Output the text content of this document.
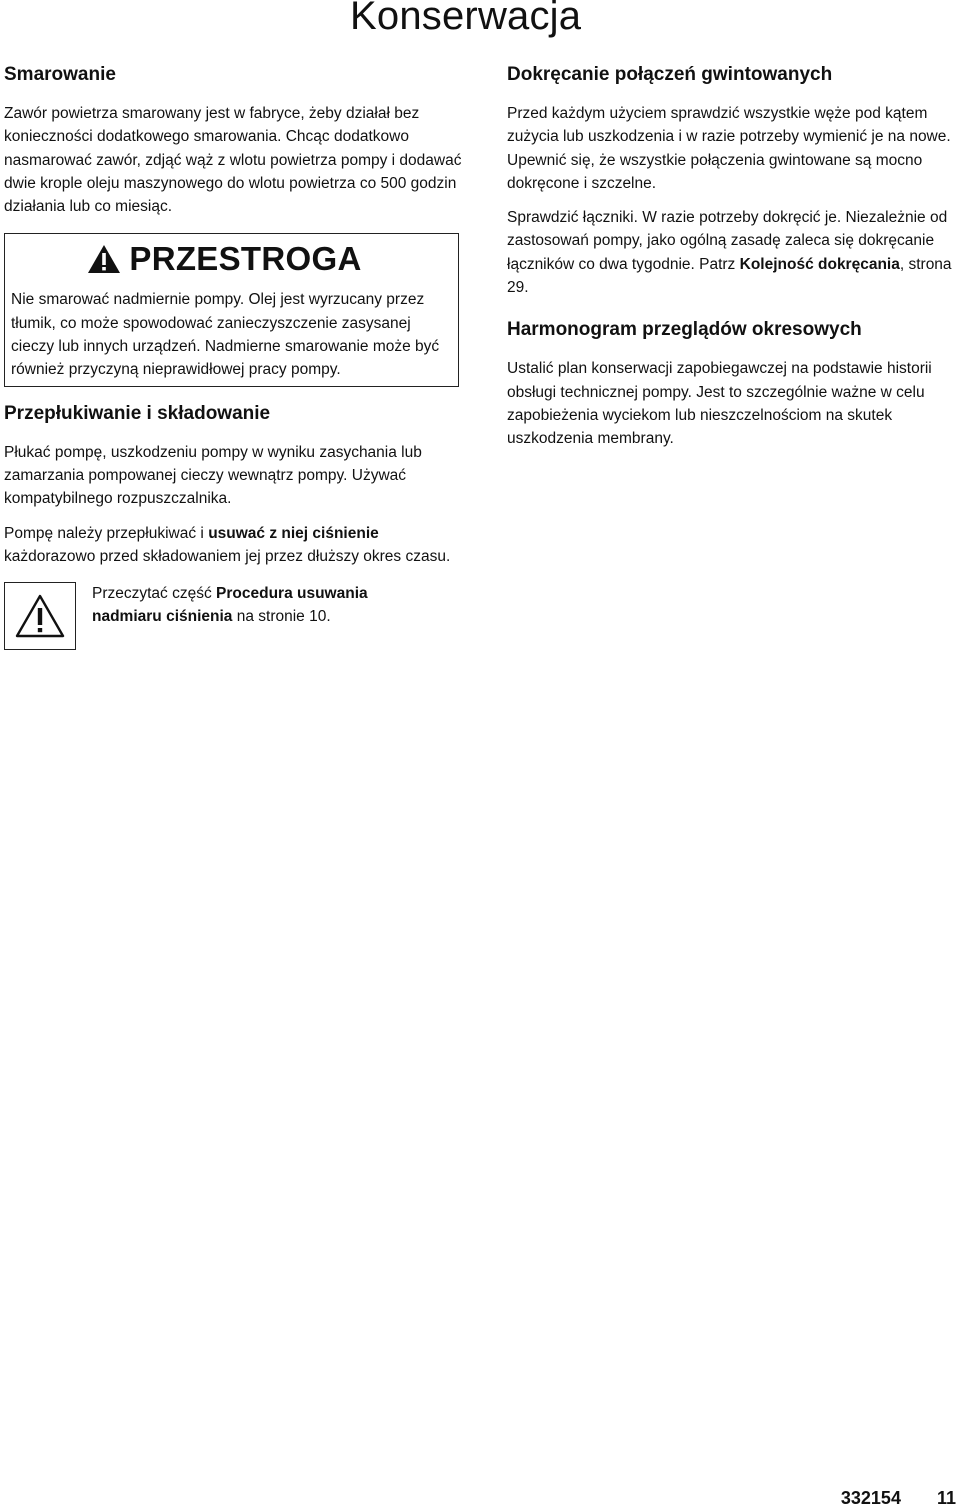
Konserwacja
Smarowanie

Zawór powietrza smarowany jest w fabryce, żeby działał bez konieczności dodatkowego smarowania. Chcąc dodatkowo nasmarować zawór, zdjąć wąż z wlotu powietrza pompy i dodawać dwie krople oleju maszynowego do wlotu powietrza co 500 godzin działania lub co miesiąc.

PRZESTROGA

Nie smarować nadmiernie pompy. Olej jest wyrzucany przez tłumik, co może spowodować zanieczyszczenie zasysanej cieczy lub innych urządzeń. Nadmierne smarowanie może być również przyczyną nieprawidłowej pracy pompy.

Przepłukiwanie i składowanie

Płukać pompę, uszkodzeniu pompy w wyniku zasychania lub zamarzania pompowanej cieczy wewnątrz pompy. Używać kompatybilnego rozpuszczalnika.

Pompę należy przepłukiwać i usuwać z niej ciśnienie każdorazowo przed składowaniem jej przez dłuższy okres czasu.

Przeczytać część Procedura usuwania nadmiaru ciśnienia na stronie 10.

Dokręcanie połączeń gwintowanych

Przed każdym użyciem sprawdzić wszystkie węże pod kątem zużycia lub uszkodzenia i w razie potrzeby wymienić je na nowe. Upewnić się, że wszystkie połączenia gwintowane są mocno dokręcone i szczelne.

Sprawdzić łączniki. W razie potrzeby dokręcić je. Niezależnie od zastosowań pompy, jako ogólną zasadę zaleca się dokręcanie łączników co dwa tygodnie. Patrz Kolejność dokręcania, strona 29.

Harmonogram przeglądów okresowych

Ustalić plan konserwacji zapobiegawczej na podstawie historii obsługi technicznej pompy. Jest to szczególnie ważne w celu zapobieżenia wyciekom lub nieszczelnościom na skutek uszkodzenia membrany.

332154 11
